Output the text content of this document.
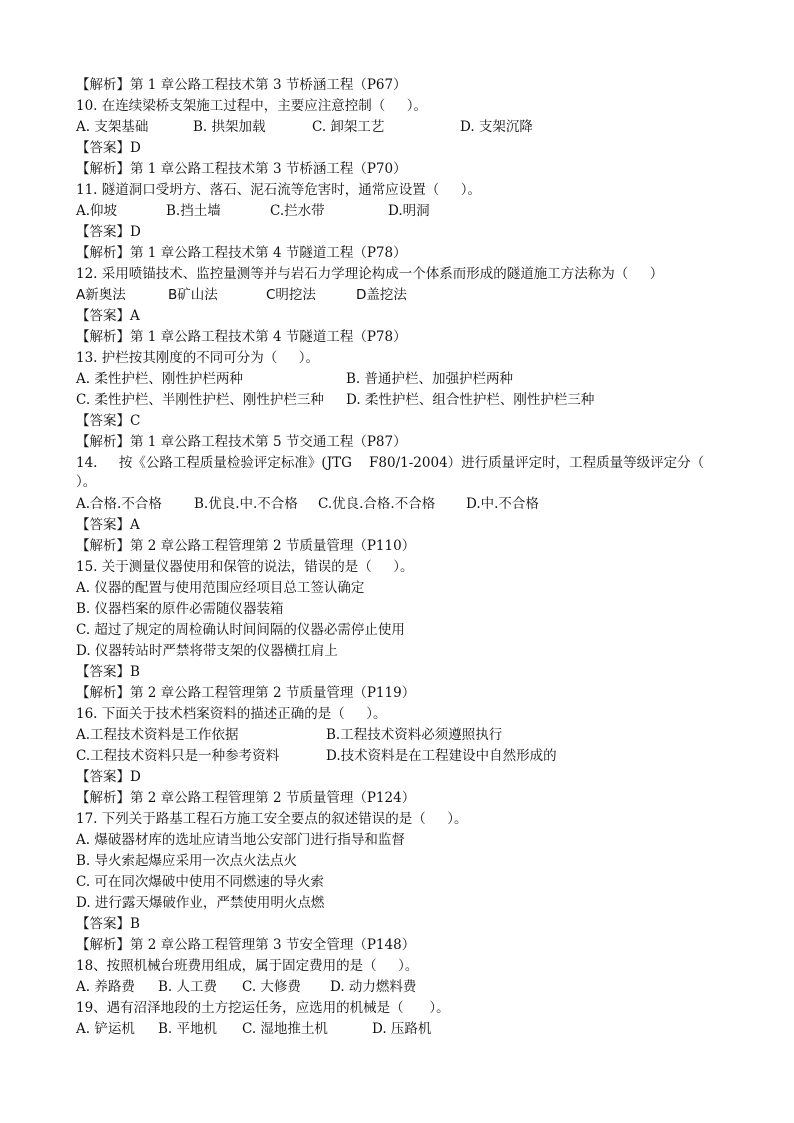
【解析】第 1 章公路工程技术第 3 节桥涵工程（P67）
10. 在连续梁桥支架施工过程中，主要应注意控制（     ）。
A. 支架基础	B. 拱架加载	C. 卸架工艺	D. 支架沉降
【答案】D
【解析】第 1 章公路工程技术第 3 节桥涵工程（P70）
11. 隧道洞口受坍方、落石、泥石流等危害时，通常应设置（     ）。
A.仰坡	B.挡土墙	C.拦水带	D.明洞
【答案】D
【解析】第 1 章公路工程技术第 4 节隧道工程（P78）
12. 采用喷锚技术、监控量测等并与岩石力学理论构成一个体系而形成的隧道施工方法称为（     ）
A新奥法	B矿山法	C明挖法	D盖挖法
【答案】A
【解析】第 1 章公路工程技术第 4 节隧道工程（P78）
13. 护栏按其刚度的不同可分为（     ）。
A. 柔性护栏、刚性护栏两种	B. 普通护栏、加强护栏两种
C. 柔性护栏、半刚性护栏、刚性护栏三种 D. 柔性护栏、组合性护栏、刚性护栏三种
【答案】C
【解析】第 1 章公路工程技术第 5 节交通工程（P87）
14.     按《公路工程质量检验评定标准》(JTG    F80/1-2004）进行质量评定时，工程质量等级评定分（
）。
A.合格.不合格 B.优良.中.不合格 C.优良.合格.不合格 D.中.不合格
【答案】A
【解析】第 2 章公路工程管理第 2 节质量管理（P110）
15. 关于测量仪器使用和保管的说法，错误的是（     ）。
A. 仪器的配置与使用范围应经项目总工签认确定
B. 仪器档案的原件必需随仪器装箱
C. 超过了规定的周检确认时间间隔的仪器必需停止使用
D. 仪器转站时严禁将带支架的仪器横扛肩上
【答案】B
【解析】第 2 章公路工程管理第 2 节质量管理（P119）
16. 下面关于技术档案资料的描述正确的是（     ）。
A.工程技术资料是工作依据	B.工程技术资料必须遵照执行
C.工程技术资料只是一种参考资料	D.技术资料是在工程建设中自然形成的
【答案】D
【解析】第 2 章公路工程管理第 2 节质量管理（P124）
17. 下列关于路基工程石方施工安全要点的叙述错误的是（     ）。
A. 爆破器材库的选址应请当地公安部门进行指导和监督
B. 导火索起爆应采用一次点火法点火
C. 可在同次爆破中使用不同燃速的导火索
D. 进行露天爆破作业，严禁使用明火点燃
【答案】B
【解析】第 2 章公路工程管理第 3 节安全管理（P148）
18、按照机械台班费用组成，属于固定费用的是（     ）。
A. 养路费 B. 人工费 C. 大修费 D. 动力燃料费
19、遇有沼泽地段的土方挖运任务，应选用的机械是（      ）。
A. 铲运机 B. 平地机 C. 湿地推土机	D. 压路机
